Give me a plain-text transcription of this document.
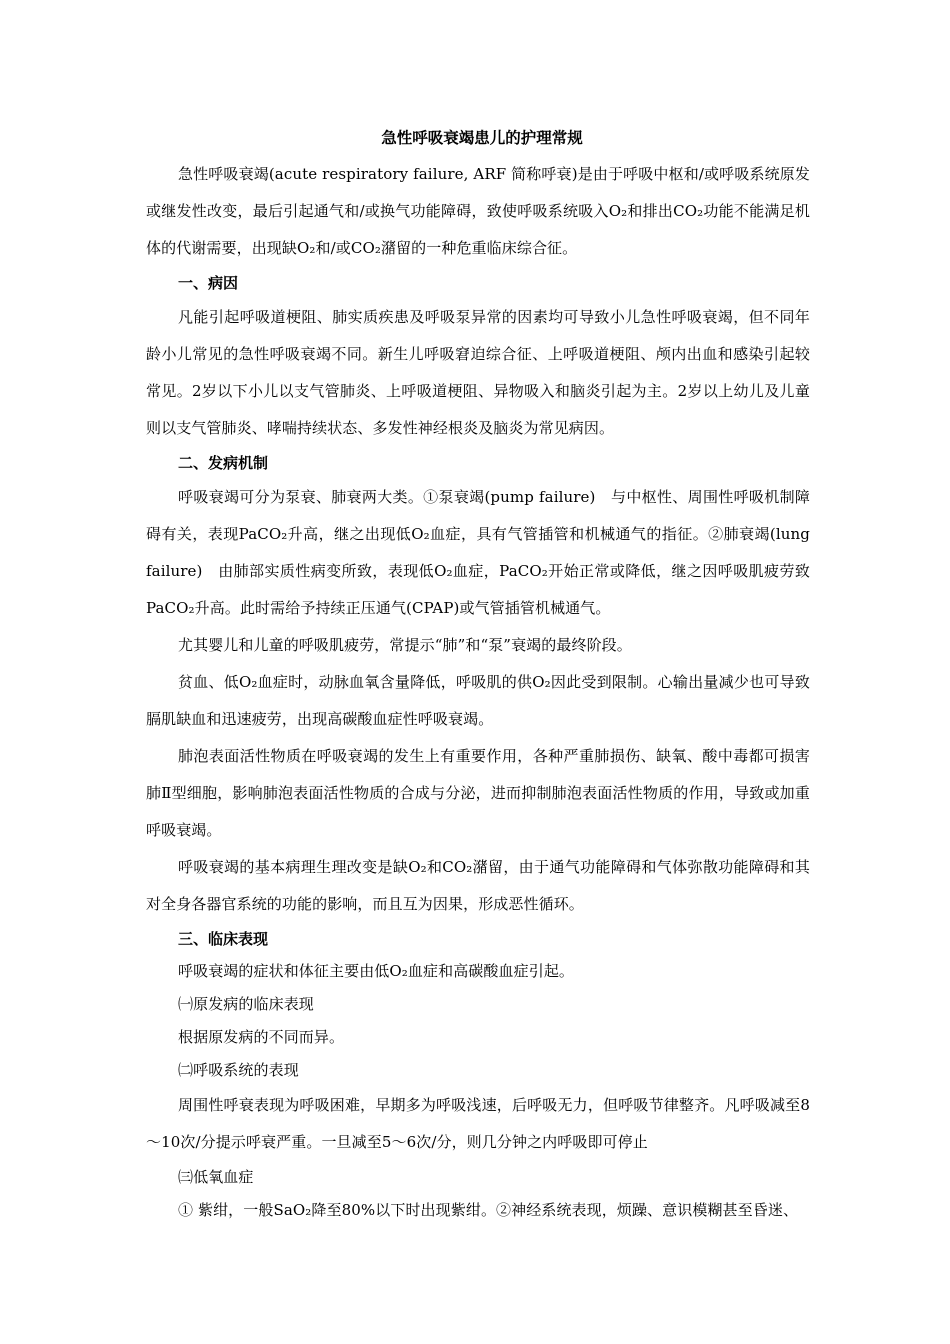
急性呼吸衰竭患儿的护理常规

急性呼吸衰竭(acute respiratory failure, ARF 简称呼衰)是由于呼吸中枢和/或呼吸系统原发或继发性改变，最后引起通气和/或换气功能障碍，致使呼吸系统吸入O₂和排出CO₂功能不能满足机体的代谢需要，出现缺O₂和/或CO₂潴留的一种危重临床综合征。

一、病因

凡能引起呼吸道梗阻、肺实质疾患及呼吸泵异常的因素均可导致小儿急性呼吸衰竭，但不同年龄小儿常见的急性呼吸衰竭不同。新生儿呼吸窘迫综合征、上呼吸道梗阻、颅内出血和感染引起较常见。2岁以下小儿以支气管肺炎、上呼吸道梗阻、异物吸入和脑炎引起为主。2岁以上幼儿及儿童则以支气管肺炎、哮喘持续状态、多发性神经根炎及脑炎为常见病因。

二、发病机制

呼吸衰竭可分为泵衰、肺衰两大类。①泵衰竭(pump failure)　与中枢性、周围性呼吸机制障碍有关，表现PaCO₂升高，继之出现低O₂血症，具有气管插管和机械通气的指征。②肺衰竭(lung failure)　由肺部实质性病变所致，表现低O₂血症，PaCO₂开始正常或降低，继之因呼吸肌疲劳致PaCO₂升高。此时需给予持续正压通气(CPAP)或气管插管机械通气。

尤其婴儿和儿童的呼吸肌疲劳，常提示“肺”和“泵”衰竭的最终阶段。

贫血、低O₂血症时，动脉血氧含量降低，呼吸肌的供O₂因此受到限制。心输出量减少也可导致膈肌缺血和迅速疲劳，出现高碳酸血症性呼吸衰竭。

肺泡表面活性物质在呼吸衰竭的发生上有重要作用，各种严重肺损伤、缺氧、酸中毒都可损害肺Ⅱ型细胞，影响肺泡表面活性物质的合成与分泌，进而抑制肺泡表面活性物质的作用，导致或加重呼吸衰竭。

呼吸衰竭的基本病理生理改变是缺O₂和CO₂潴留，由于通气功能障碍和气体弥散功能障碍和其对全身各器官系统的功能的影响，而且互为因果，形成恶性循环。

三、临床表现

呼吸衰竭的症状和体征主要由低O₂血症和高碳酸血症引起。

㈠原发病的临床表现

根据原发病的不同而异。

㈡呼吸系统的表现

周围性呼衰表现为呼吸困难，早期多为呼吸浅速，后呼吸无力，但呼吸节律整齐。凡呼吸减至8～10次/分提示呼衰严重。一旦减至5～6次/分，则几分钟之内呼吸即可停止

㈢低氧血症

① 紫绀，一般SaO₂降至80%以下时出现紫绀。②神经系统表现，烦躁、意识模糊甚至昏迷、
